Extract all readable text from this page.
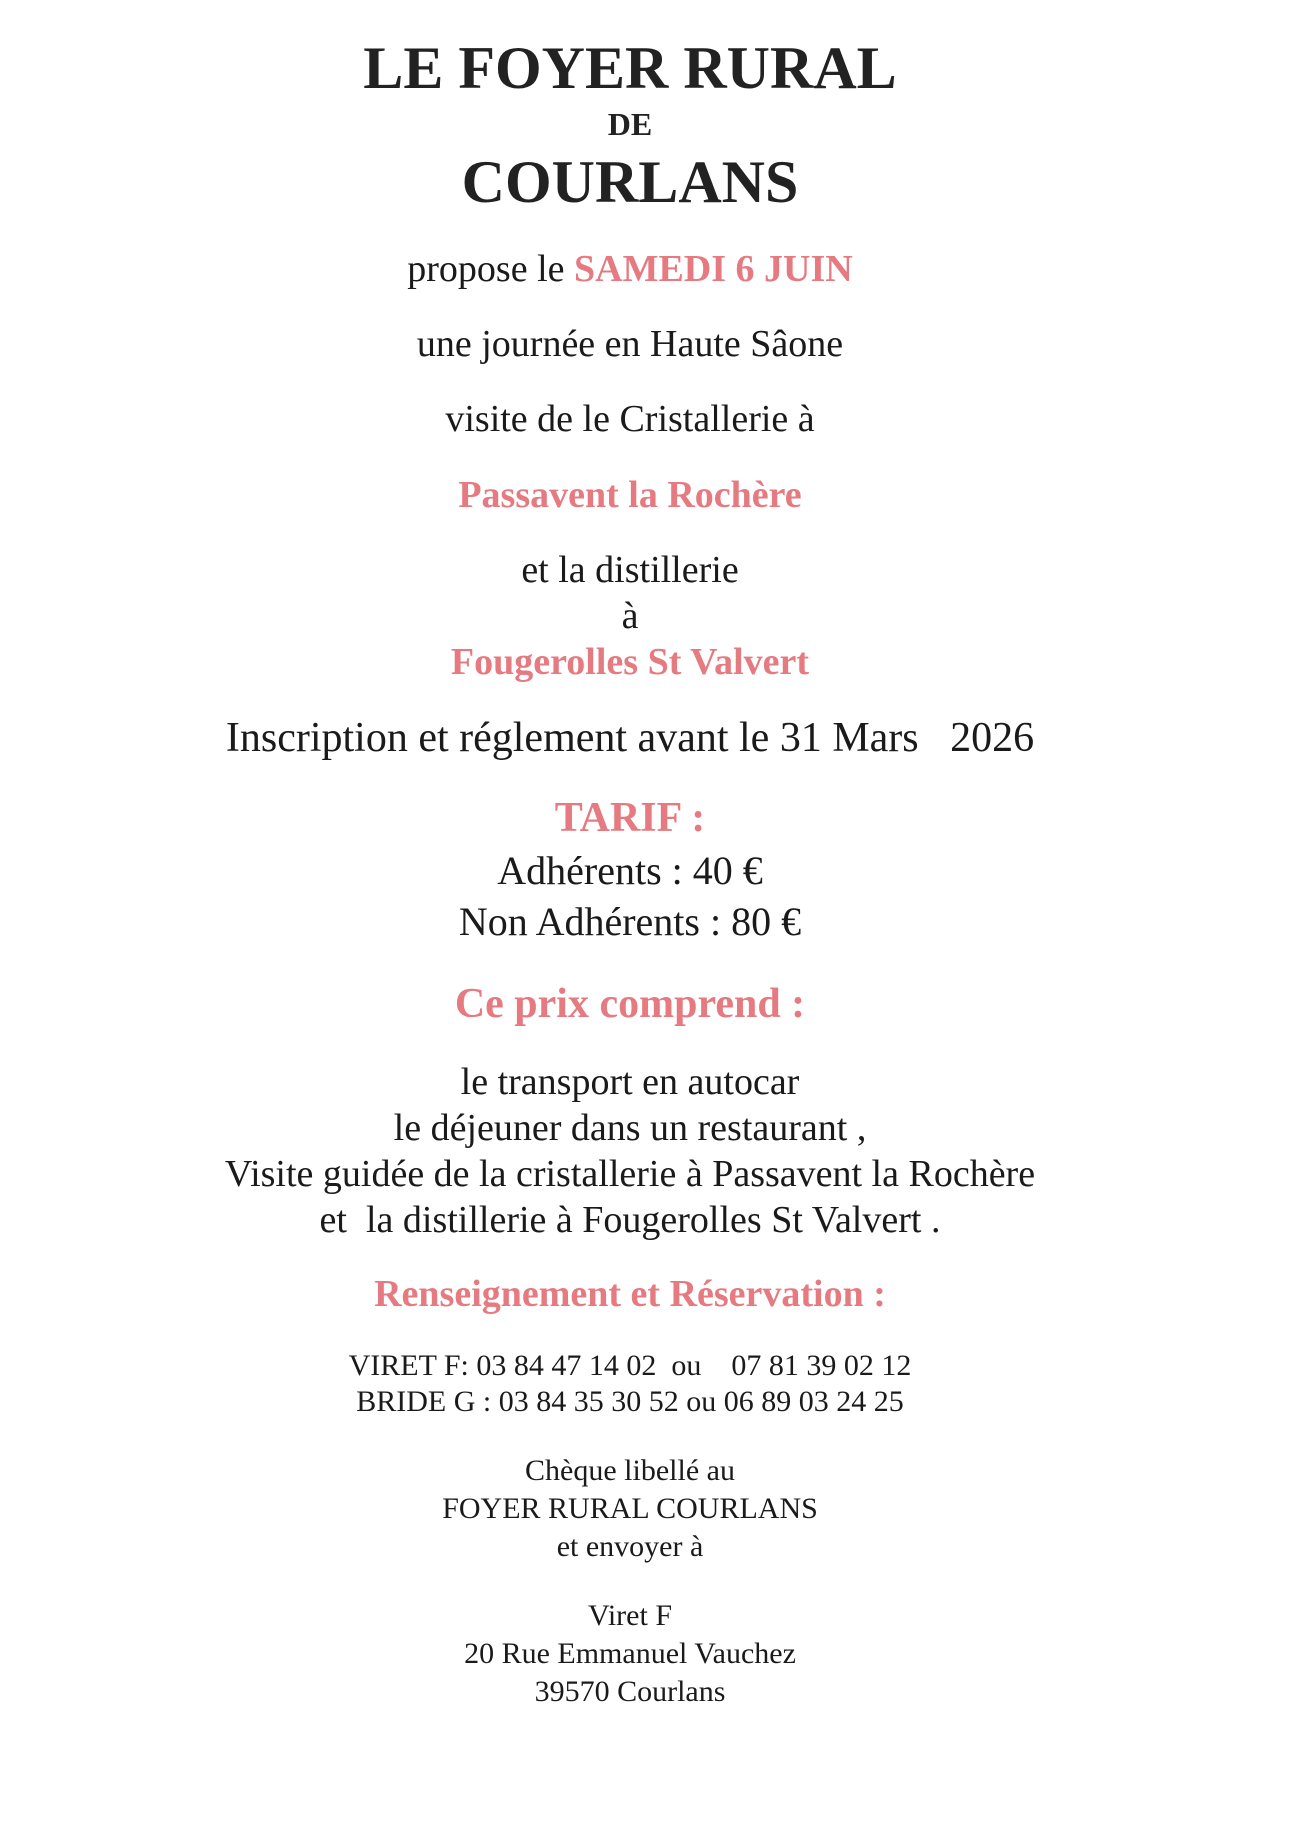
LE FOYER RURAL
DE
COURLANS
propose le SAMEDI 6 JUIN
une journée en Haute Sâone
visite de le Cristallerie à
Passavent la Rochère
et la distillerie
à
Fougerolles St Valvert
Inscription et réglement avant le 31 Mars   2026
TARIF :
Adhérents : 40 €
Non Adhérents : 80 €
Ce prix comprend :
le transport en autocar
le déjeuner dans un restaurant ,
Visite guidée de la cristallerie à Passavent la Rochère
et  la distillerie à Fougerolles St Valvert .
Renseignement et Réservation :
VIRET F: 03 84 47 14 02  ou    07 81 39 02 12
BRIDE G : 03 84 35 30 52 ou 06 89 03 24 25
Chèque libellé au
FOYER RURAL COURLANS
et envoyer à
Viret F
20 Rue Emmanuel Vauchez
39570 Courlans
